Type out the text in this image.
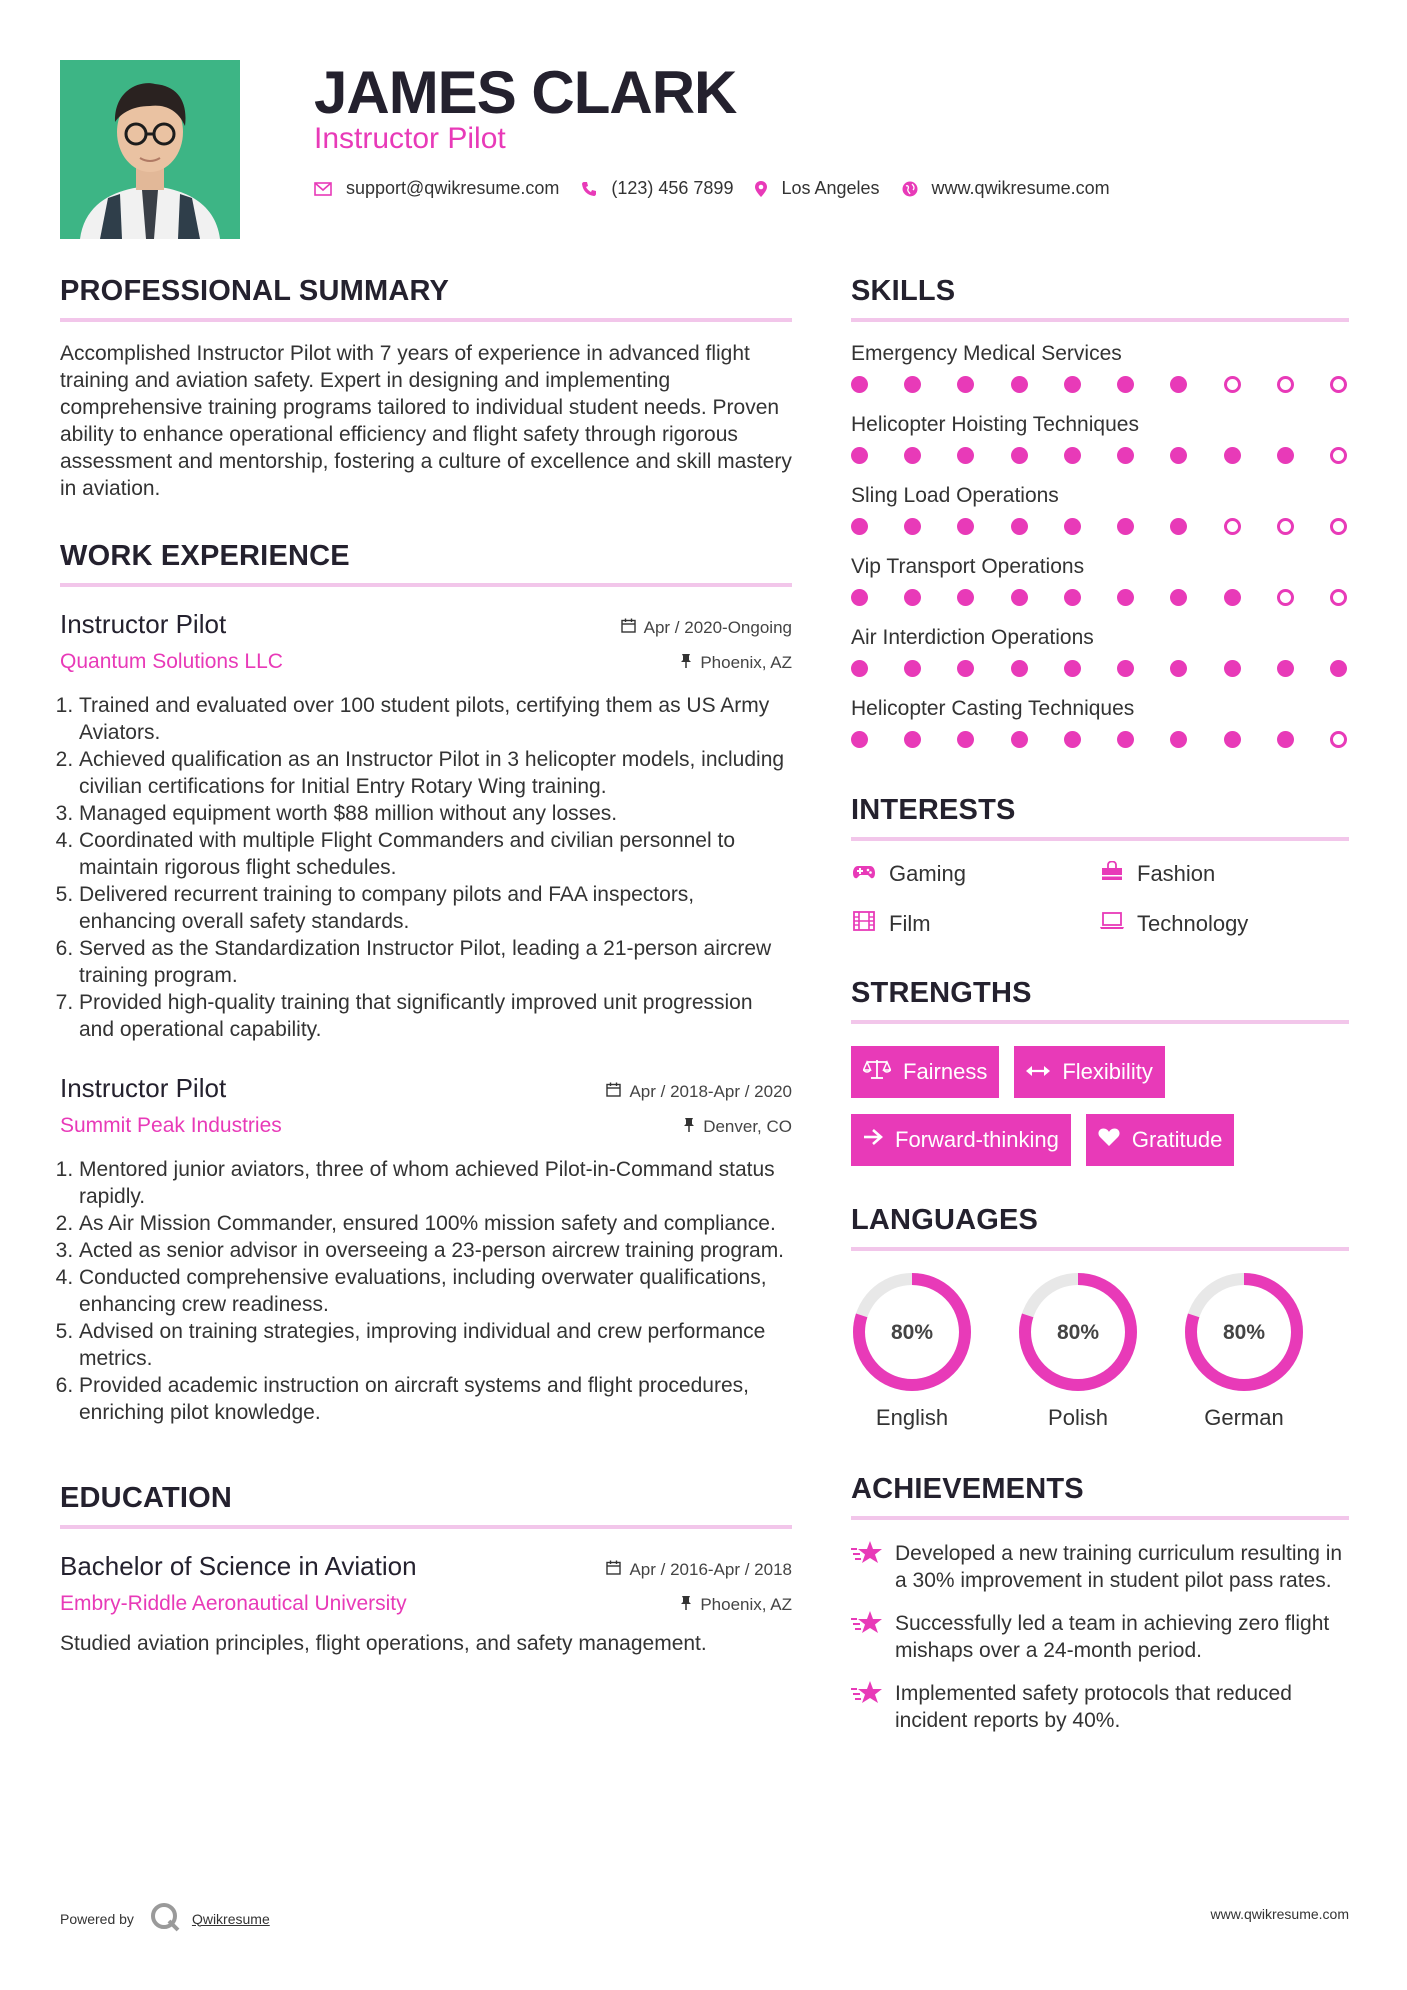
JAMES CLARK
Instructor Pilot
support@qwikresume.com	(123) 456 7899	Los Angeles	www.qwikresume.com
PROFESSIONAL SUMMARY

Accomplished Instructor Pilot with 7 years of experience in advanced flight training and aviation safety. Expert in designing and implementing comprehensive training programs tailored to individual student needs. Proven ability to enhance operational efficiency and flight safety through rigorous assessment and mentorship, fostering a culture of excellence and skill mastery in aviation.

WORK EXPERIENCE
Instructor Pilot	Apr / 2020-Ongoing
Quantum Solutions LLC	Phoenix, AZ
1. Trained and evaluated over 100 student pilots, certifying them as US Army Aviators.
2. Achieved qualification as an Instructor Pilot in 3 helicopter models, including civilian certifications for Initial Entry Rotary Wing training.
3. Managed equipment worth $88 million without any losses.
4. Coordinated with multiple Flight Commanders and civilian personnel to maintain rigorous flight schedules.
5. Delivered recurrent training to company pilots and FAA inspectors, enhancing overall safety standards.
6. Served as the Standardization Instructor Pilot, leading a 21-person aircrew training program.
7. Provided high-quality training that significantly improved unit progression and operational capability.
Instructor Pilot	Apr / 2018-Apr / 2020
Summit Peak Industries	Denver, CO
1. Mentored junior aviators, three of whom achieved Pilot-in-Command status rapidly.
2. As Air Mission Commander, ensured 100% mission safety and compliance.
3. Acted as senior advisor in overseeing a 23-person aircrew training program.
4. Conducted comprehensive evaluations, including overwater qualifications, enhancing crew readiness.
5. Advised on training strategies, improving individual and crew performance metrics.
6. Provided academic instruction on aircraft systems and flight procedures, enriching pilot knowledge.
EDUCATION
Bachelor of Science in Aviation	Apr / 2016-Apr / 2018
Embry-Riddle Aeronautical University	Phoenix, AZ

Studied aviation principles, flight operations, and safety management.

SKILLS
Emergency Medical Services
Helicopter Hoisting Techniques
Sling Load Operations
Vip Transport Operations
Air Interdiction Operations
Helicopter Casting Techniques
INTERESTS
Gaming	Fashion
Film	Technology
STRENGTHS
Fairness	Flexibility
Forward-thinking	Gratitude
LANGUAGES
80%
English
80%
Polish
80%
German
ACHIEVEMENTS
Developed a new training curriculum resulting in a 30% improvement in student pilot pass rates.
Successfully led a team in achieving zero flight mishaps over a 24-month period.
Implemented safety protocols that reduced incident reports by 40%.
Powered by	Qwikresume	www.qwikresume.com
